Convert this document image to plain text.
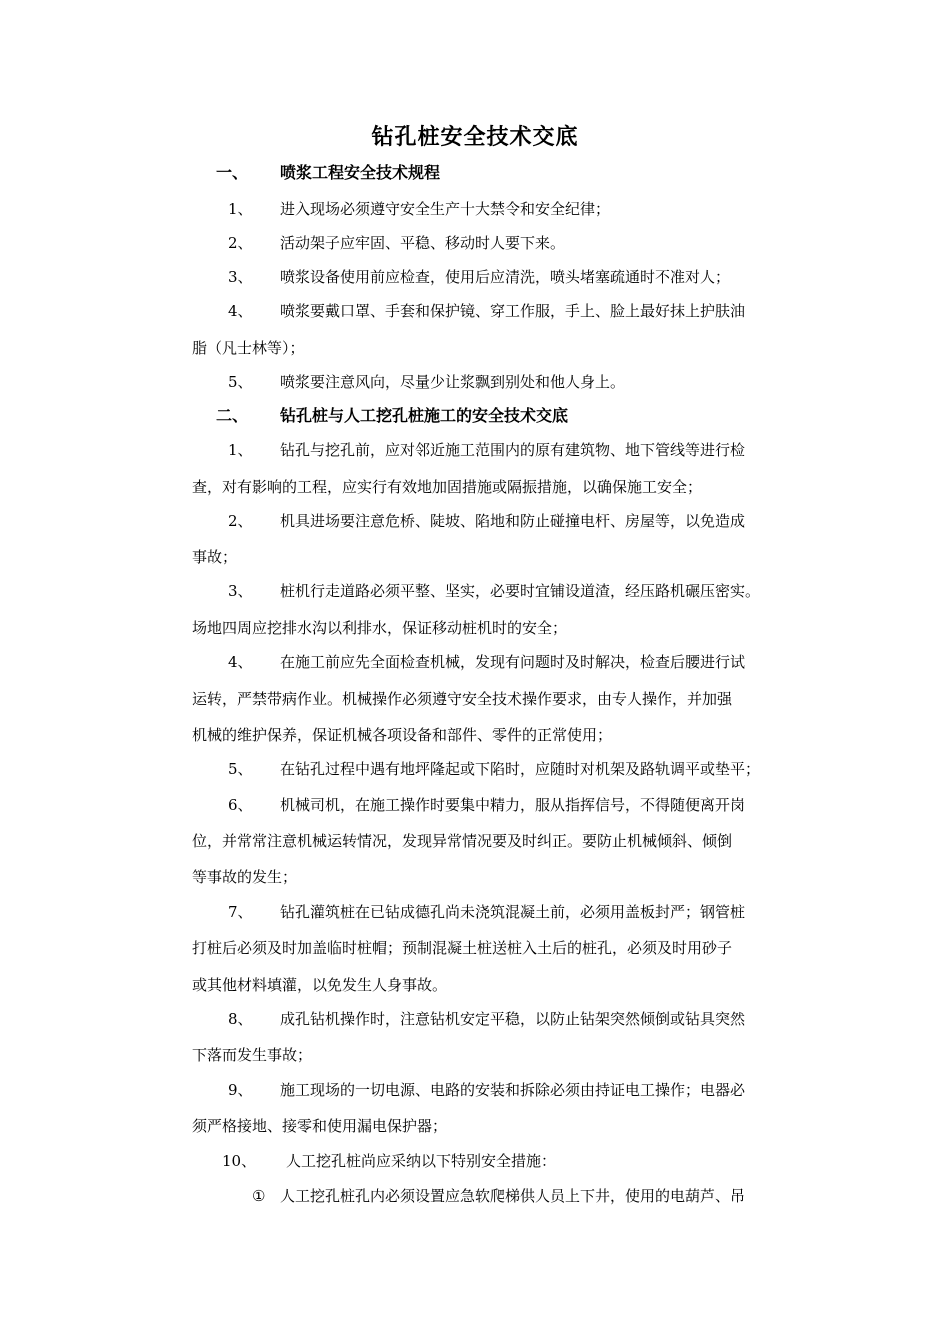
钻孔桩安全技术交底
一、 喷浆工程安全技术规程
1、 进入现场必须遵守安全生产十大禁令和安全纪律；
2、 活动架子应牢固、平稳、移动时人要下来。
3、 喷浆设备使用前应检查，使用后应清洗，喷头堵塞疏通时不准对人；
4、 喷浆要戴口罩、手套和保护镜、穿工作服，手上、脸上最好抹上护肤油
脂（凡士林等）；
5、 喷浆要注意风向，尽量少让浆飘到别处和他人身上。
二、 钻孔桩与人工挖孔桩施工的安全技术交底
1、 钻孔与挖孔前，应对邻近施工范围内的原有建筑物、地下管线等进行检
查，对有影响的工程，应实行有效地加固措施或隔振措施，以确保施工安全；
2、 机具进场要注意危桥、陡坡、陷地和防止碰撞电杆、房屋等，以免造成
事故；
3、 桩机行走道路必须平整、坚实，必要时宜铺设道渣，经压路机碾压密实。
场地四周应挖排水沟以利排水，保证移动桩机时的安全；
4、 在施工前应先全面检查机械，发现有问题时及时解决，检查后腰进行试
运转，严禁带病作业。机械操作必须遵守安全技术操作要求，由专人操作，并加强
机械的维护保养，保证机械各项设备和部件、零件的正常使用；
5、 在钻孔过程中遇有地坪隆起或下陷时，应随时对机架及路轨调平或垫平；
6、 机械司机，在施工操作时要集中精力，服从指挥信号，不得随便离开岗
位，并常常注意机械运转情况，发现异常情况要及时纠正。要防止机械倾斜、倾倒
等事故的发生；
7、 钻孔灌筑桩在已钻成德孔尚未浇筑混凝土前，必须用盖板封严；钢管桩
打桩后必须及时加盖临时桩帽；预制混凝土桩送桩入土后的桩孔，必须及时用砂子
或其他材料填灌，以免发生人身事故。
8、 成孔钻机操作时，注意钻机安定平稳，以防止钻架突然倾倒或钻具突然
下落而发生事故；
9、 施工现场的一切电源、电路的安装和拆除必须由持证电工操作；电器必
须严格接地、接零和使用漏电保护器；
10、 人工挖孔桩尚应采纳以下特别安全措施：
① 人工挖孔桩孔内必须设置应急软爬梯供人员上下井，使用的电葫芦、吊
